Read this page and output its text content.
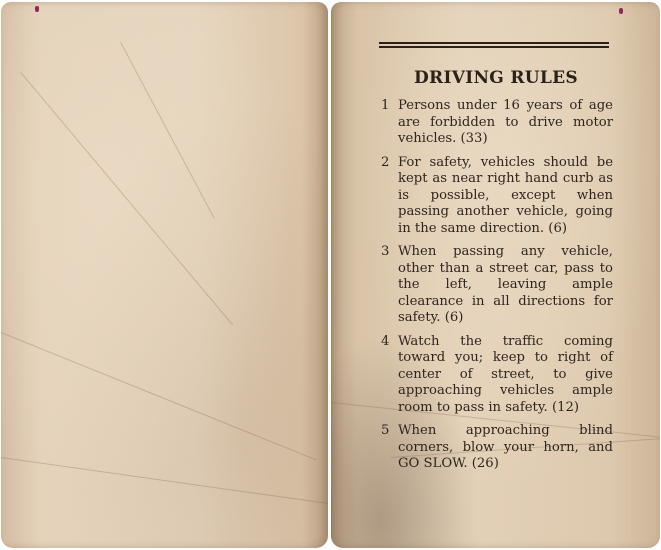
DRIVING RULES
1 Persons under 16 years of age are forbidden to drive motor vehicles. (33)
2 For safety, vehicles should be kept as near right hand curb as is possible, except when passing another vehicle, going in the same direction. (6)
3 When passing any vehicle, other than a street car, pass to the left, leaving ample clearance in all directions for safety. (6)
4 Watch the traffic coming toward you; keep to right of center of street, to give approaching vehicles ample room to pass in safety. (12)
5 When approaching blind corners, blow your horn, and GO SLOW. (26)
